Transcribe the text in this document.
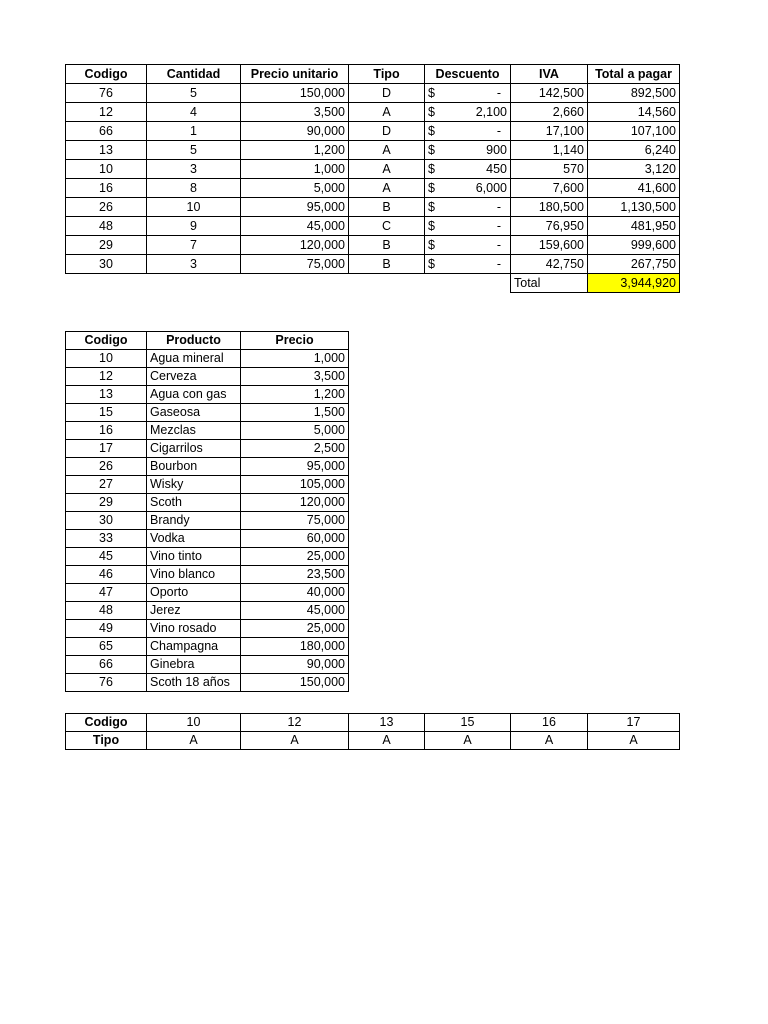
Codigo	Cantidad	Precio unitario	Tipo	Descuento	IVA	Total a pagar
76	5	150,000	D	$ -	142,500	892,500
12	4	3,500	A	$ 2,100	2,660	14,560
66	1	90,000	D	$ -	17,100	107,100
13	5	1,200	A	$ 900	1,140	6,240
10	3	1,000	A	$ 450	570	3,120
16	8	5,000	A	$ 6,000	7,600	41,600
26	10	95,000	B	$ -	180,500	1,130,500
48	9	45,000	C	$ -	76,950	481,950
29	7	120,000	B	$ -	159,600	999,600
30	3	75,000	B	$ -	42,750	267,750
					Total	3,944,920
Codigo	Producto	Precio
10	Agua mineral	1,000
12	Cerveza	3,500
13	Agua con gas	1,200
15	Gaseosa	1,500
16	Mezclas	5,000
17	Cigarrilos	2,500
26	Bourbon	95,000
27	Wisky	105,000
29	Scoth	120,000
30	Brandy	75,000
33	Vodka	60,000
45	Vino tinto	25,000
46	Vino blanco	23,500
47	Oporto	40,000
48	Jerez	45,000
49	Vino rosado	25,000
65	Champagna	180,000
66	Ginebra	90,000
76	Scoth 18 años	150,000
Codigo	10	12	13	15	16	17
Tipo	A	A	A	A	A	A
